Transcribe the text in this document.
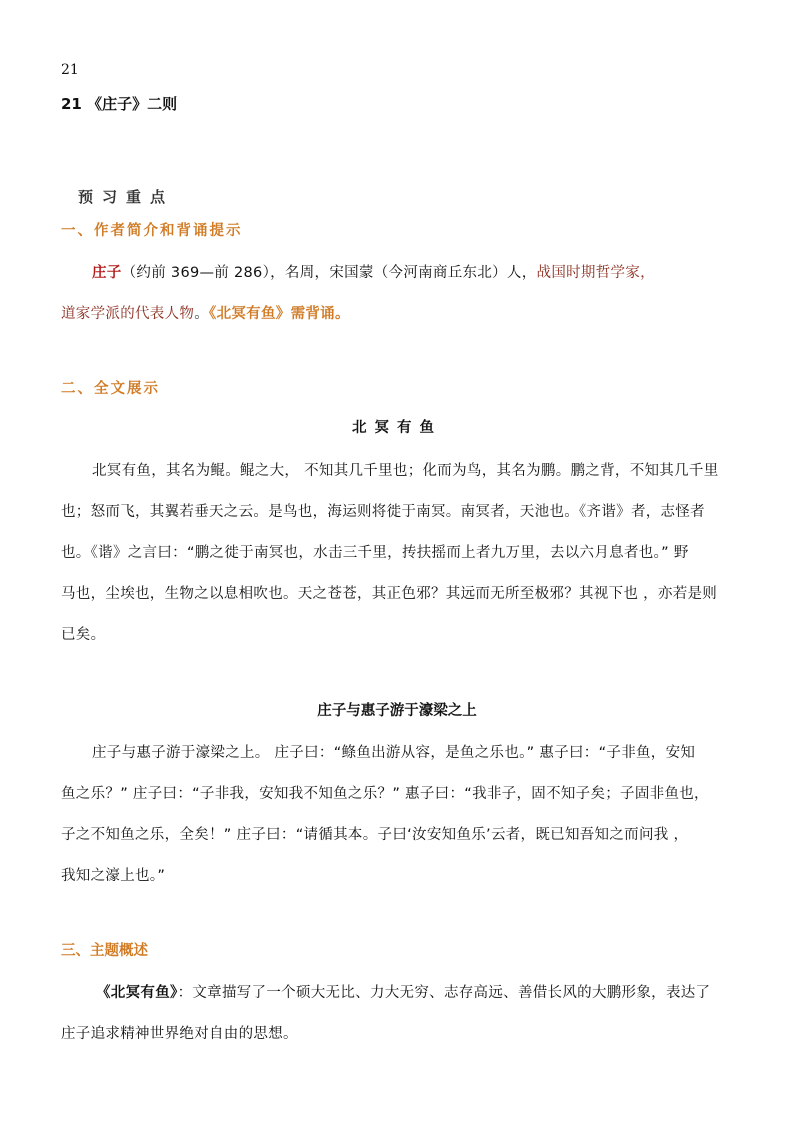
21
21 《庄子》二则
预习重点
一、作者简介和背诵提示
庄子（约前 369—前 286），名周，宋国蒙（今河南商丘东北）人，战国时期哲学家，
道家学派的代表人物。《北冥有鱼》需背诵。
二、全文展示
北冥有鱼
北冥有鱼，其名为鲲。鲲之大， 不知其几千里也；化而为鸟，其名为鹏。鹏之背，不知其几千里
也；怒而飞，其翼若垂天之云。是鸟也，海运则将徙于南冥。南冥者，天池也。《齐谐》者，志怪者
也。《谐》之言曰：“鹏之徙于南冥也，水击三千里，抟扶摇而上者九万里，去以六月息者也。” 野
马也，尘埃也，生物之以息相吹也。天之苍苍，其正色邪？其远而无所至极邪？其视下也 ，亦若是则
已矣。
庄子与惠子游于濠梁之上
庄子与惠子游于濠梁之上。 庄子曰：“鲦鱼出游从容，是鱼之乐也。” 惠子曰：“子非鱼，安知
鱼之乐？” 庄子曰：“子非我，安知我不知鱼之乐？” 惠子曰：“我非子，固不知子矣；子固非鱼也，
子之不知鱼之乐，全矣！” 庄子曰：“请循其本。子曰‘汝安知鱼乐’云者，既已知吾知之而问我 ，
我知之濠上也。”
三、主题概述
《北冥有鱼》：文章描写了一个硕大无比、力大无穷、志存高远、善借长风的大鹏形象，表达了
庄子追求精神世界绝对自由的思想。
